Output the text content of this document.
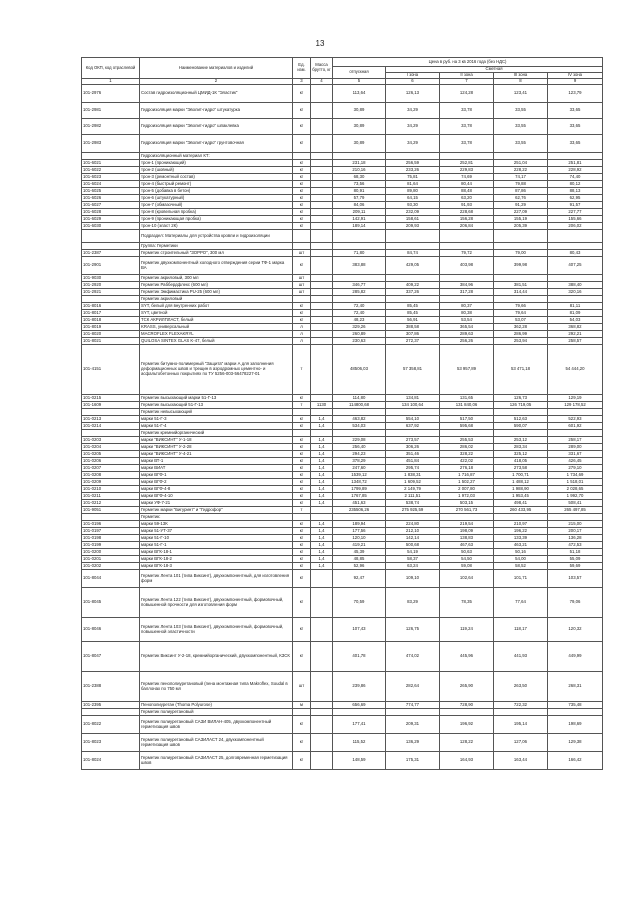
13
Код ОКП, код отраслевой	Наименование материалов и изделий	Ед. изм.	Масса брутто, кг	Цена в руб. на 3 кв 2016 года (без НДС)				
				отпускная	Сметная			
					I зона	II зона	III зона	IV зона
1	2	3	4	5	6	7	8	9
101-2976	Состав гидроизоляционный ЦМИД-1К "Эластик"	кг		113,64	126,13	124,28	123,41	123,79
101-2981	Гидроизоляция марки "Эволит-гидро" штукатурка	кг		30,89	34,29	33,78	33,55	33,65
101-2982	Гидроизоляция марки "Эволит-гидро" шпаклевка	кг		30,89	34,29	33,78	33,55	33,65
101-2983	Гидроизоляция марки "Эволит-гидро" грунтовочная	кг		30,89	34,29	33,78	33,55	33,65
	Гидроизоляционный материал КТ:							
101-6021	трон-1 (проникающий)	кг		231,18	256,59	252,81	251,04	251,81
101-6022	трон-2 (шовный)	кг		210,16	233,26	229,83	228,22	228,92
101-6023	трон-3 (ремонтный состав)	кг		68,30	75,81	74,69	74,17	74,40
101-6024	трон-4 (быстрый ремонт)	кг		73,56	81,64	80,44	79,88	80,12
101-6025	трон-5 (добавка в бетон)	кг		80,91	89,80	88,48	87,86	88,13
101-6026	трон-6 (штукатурный)	кг		57,79	64,15	63,20	62,76	62,95
101-6027	трон-7 (обмазочный)	кг		84,06	93,30	91,93	91,29	91,57
101-6028	трон-8 (кровельная пробка)	кг		209,11	232,09	228,68	227,09	227,77
101-6029	трон-9 (проникающая пробка)	кг		142,91	158,61	156,28	155,19	155,66
101-6030	трон-10 (эласт 2К)	кг		189,14	209,93	206,84	205,39	206,02
	Подраздел: Материалы для устройства кровли и гидроизоляции							
	Группа: Герметики							
101-2387	Герметик строительный "ЗОРРО", 300 мл	шт		71,80	84,74	79,72	79,00	80,43
101-2901	Герметик двухкомпонентный холодного отверждения серии ТФ-1 марка ВА	кг		383,88	429,05	403,98	399,98	407,25
101-9030	Герметик акриловый, 300 мл	шт						
101-2920	Герметик Раббердфлекс (600 мл)	шт		346,77	409,22	384,96	381,51	388,40
101-2921	Герметик Эмфимастика PU-25 (600 мл)	шт		285,82	337,26	317,28	314,44	320,16
	Герметик акриловый							
101-8016	SYT, белый для внутренних работ	кг		72,40	85,45	80,37	79,66	81,11
101-8017	SYT, цветной	кг		72,40	85,45	80,38	79,64	81,09
101-8018	ТСК АКРИЛПЛАСТ, белый	кг		48,23	56,91	53,54	53,07	54,03
101-8019	KRASS, универсальный	л		329,26	388,58	365,54	362,28	368,82
101-8020	MACROFLEX FLEXAKRYL	л		260,89	307,86	289,63	286,99	292,21
101-8021	QUILOSA SINTEX GLAS K-47, белый	л		230,63	272,37	256,26	253,94	258,57
101-4151	Герметик битумно-полимерный "Защита" марки А для заполнения деформационных швов и трещин в аэродромных цементно- и асфальтобетонных покрытиях по ТУ 5256-003-56478227-01	т		48506,03	57 358,81	53 957,89	53 471,18	54 444,20
101-0215	Герметик высыхающий марки 51-Г-13	кг		114,80	134,81	131,65	126,73	129,19
101-1609	Герметик высыхающий 51-Г-13	т	1130	114800,68	134 100,64	131 840,06	126 719,05	129 178,52
	Герметик невысыхающий							
101-0213	марки 51-Г-3	кг	1,4	463,82	554,10	517,50	512,63	522,93
101-0214	марки 51-Г-4	кг	1,4	534,03	637,92	595,68	590,07	601,92
	Герметик кремнийорганический							
101-0203	марки "ВИКСИНТ" У-1-18	кг	1,4	229,08	273,57	255,53	253,12	258,17
101-0204	марки "ВИКСИНТ" У-2-28	кг	1,4	256,40	306,26	286,02	283,34	289,00
101-0205	марки "ВИКСИНТ" У-4-21	кг	1,4	294,23	351,46	328,22	325,12	331,67
101-0206	марки ВТ-1	кг	1,4	378,29	451,84	422,02	418,05	426,45
101-0207	марки ВИАТ	кг	1,4	247,60	295,74	276,18	273,58	279,10
101-0208	марки ВГФ-1	кг	1,4	1539,12	1 838,31	1 716,87	1 700,71	1 734,69
101-0209	марки ВГФ-2	кг	1,4	1348,72	1 609,52	1 502,27	1 488,12	1 518,01
101-0210	марки ВГФ-4-8	кг	1,4	1799,89	2 149,79	2 007,80	1 988,90	2 028,65
101-0211	марки ВГФ-4-10	кг	1,4	1767,85	2 111,51	1 972,03	1 953,45	1 992,70
101-0212	марки УФ-7-21	кг	1,4	451,63	538,74	503,15	498,41	508,41
101-9051	Герметик марки "Бигуринт" и "Гидрофор"	т		235506,26	275 925,59	270 561,73	260 433,95	265 497,85
	Герметик:							
101-0196	марки 59-13К	кг	1,4	189,94	224,80	219,54	210,97	215,00
101-0197	марки 51-УТ-37	кг	1,4	177,56	212,10	198,09	196,22	200,17
101-0198	марки 51-Г-10	кг	1,4	120,10	142,14	138,83	133,39	136,28
101-0199	марки 51-Г-1	кг	1,4	419,21	500,68	467,63	463,21	472,53
101-0200	марки ВГК-18-1	кг	1,4	45,39	54,19	50,63	50,16	51,18
101-0201	марки ВГК-18-2	кг	1,4	48,85	58,37	54,50	54,00	55,09
101-0202	марки ВГК-18-3	кг	1,4	52,96	63,24	59,08	58,52	59,69
101-8044	Герметик Лента 101 (типа Виксинт), двухкомпонентный, для изготовления форм	кг		92,47	109,10	102,64	101,71	103,57
101-8045	Герметик Лента 122 (типа Виксинт), двухкомпонентный, формовочный, повышенной прочности для изготовления форм	кг		70,59	83,29	78,35	77,64	79,06
101-8046	Герметик Лента 103 (типа Виксинт), двухкомпонентный, формовочный, повышенной эластичности	кг		107,43	126,75	119,24	118,17	120,32
101-8047	Герметик Виксинт У-2-18, кремнийорганический, двухкомпонентный, КЗСК	кг		401,78	474,02	445,96	441,93	449,99
101-2388	Герметик пенополиуретановый (пена монтажная типа Makroflex, Soudal в баллонах по 750 мл	шт		239,86	282,64	265,90	263,50	268,31
101-2395	Пенополиуретан (Thoma Polyurose)	м		656,69	774,77	728,90	722,32	735,48
	Герметик полиуретановый							
101-8022	Герметик полиуретановый САЗИ ВИЛАН-405, двухкомпонентный герметизация швов	кг		177,41	209,31	196,92	195,14	198,69
101-8023	Герметик полиуретановый САЗИЛАСТ 24, двухкомпонентный герметизация швов	кг		115,52	136,29	128,22	127,06	129,38
101-8024	Герметик полиуретановый САЗИЛАСТ 25, долговременная герметизация швов	кг		148,59	175,31	164,93	163,44	166,42
